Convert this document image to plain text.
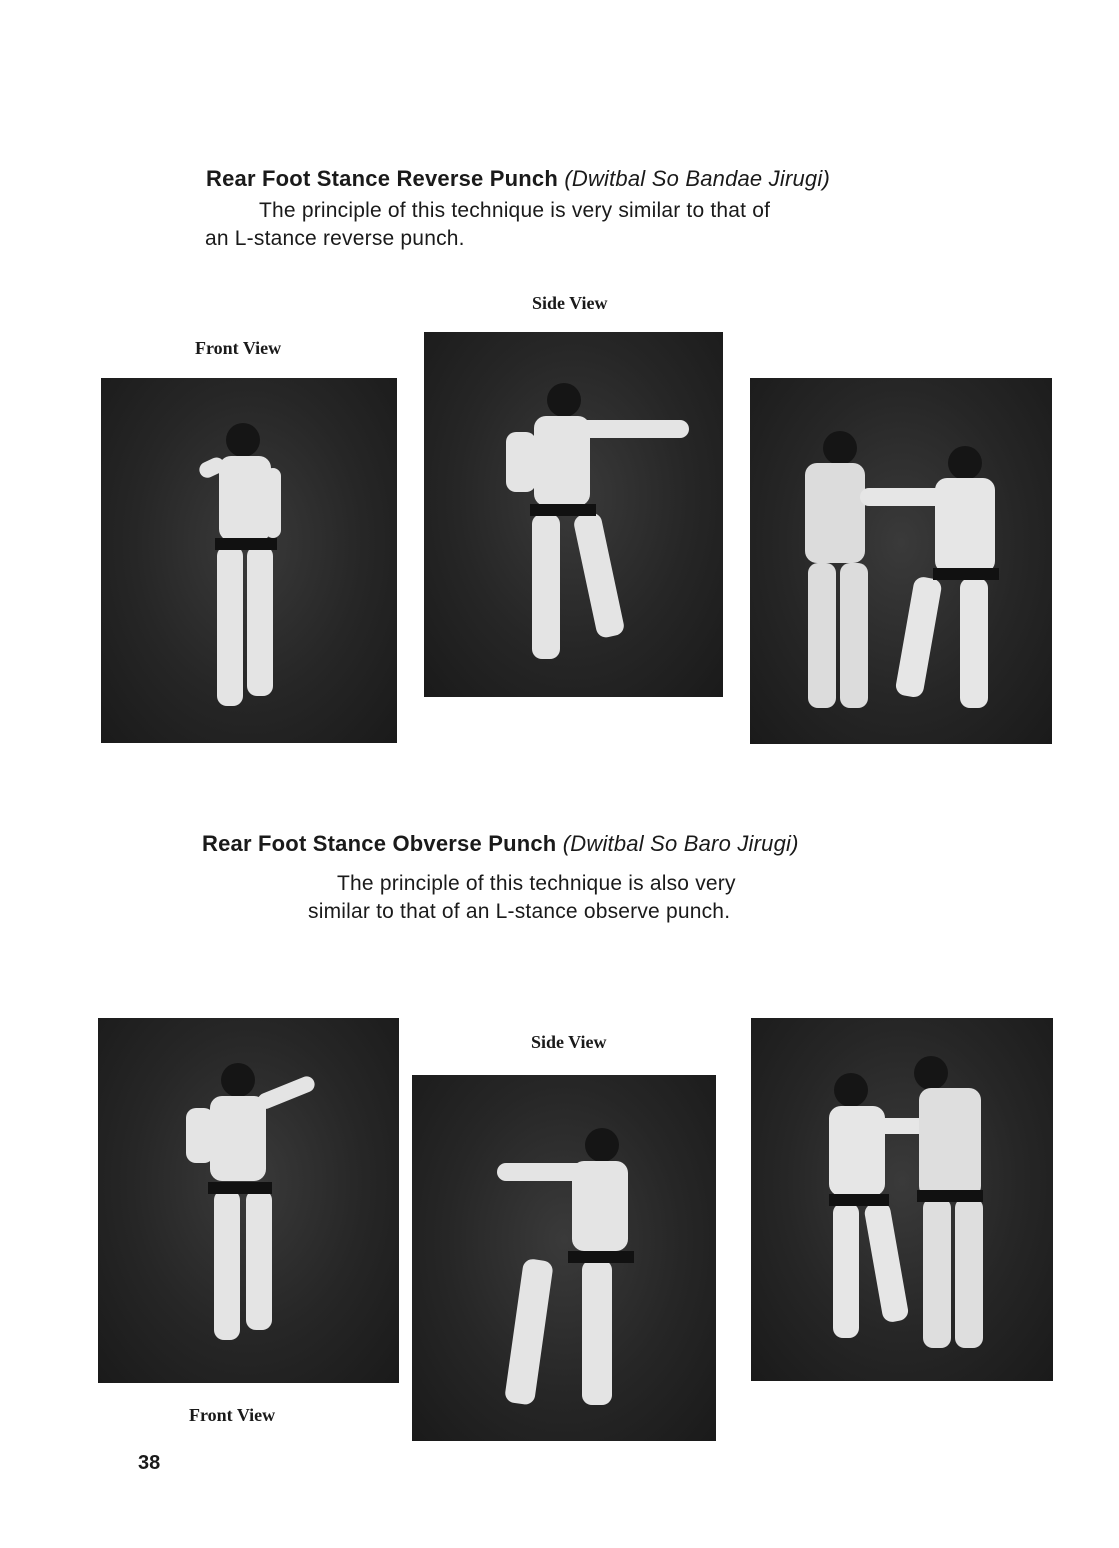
Rear Foot Stance Reverse Punch (Dwitbal So Bandae Jirugi)
The principle of this technique is very similar to that of
an L-stance reverse punch.
Side View
Front View
Rear Foot Stance Obverse Punch (Dwitbal So Baro Jirugi)
The principle of this technique is also very
similar to that of an L-stance observe punch.
Side View
Front View
38
